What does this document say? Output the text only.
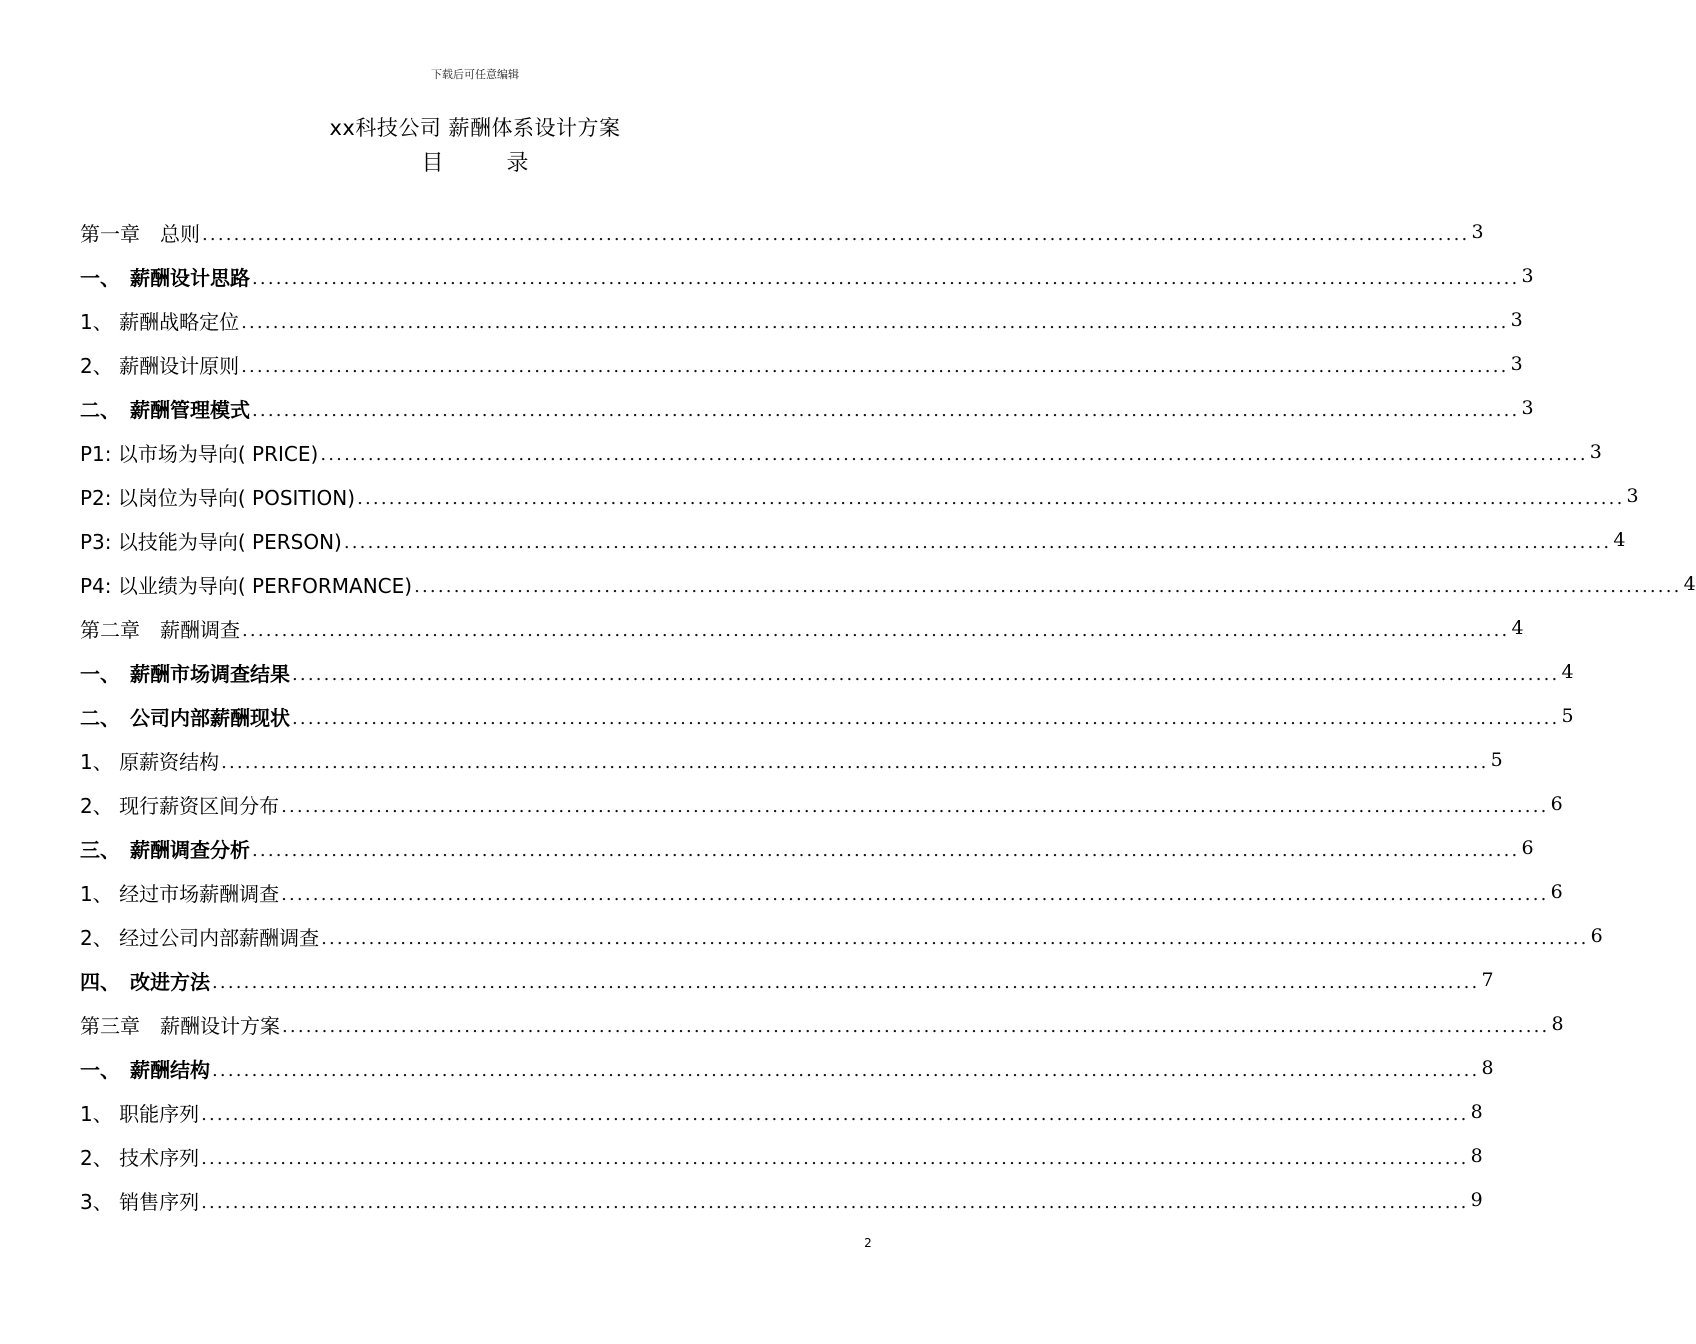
下载后可任意编辑
xx科技公司 薪酬体系设计方案
目 录
第一章　总则 ................................................................................................................................................................ 3
一、　薪酬设计思路 ................................................................................................................................................................ 3
1、 薪酬战略定位 ................................................................................................................................................................ 3
2、 薪酬设计原则 ................................................................................................................................................................ 3
二、　薪酬管理模式 ................................................................................................................................................................ 3
P1: 以市场为导向( PRICE) ................................................................................................................................................................ 3
P2: 以岗位为导向( POSITION) ................................................................................................................................................................ 3
P3: 以技能为导向( PERSON) ................................................................................................................................................................ 4
P4: 以业绩为导向( PERFORMANCE) ................................................................................................................................................................ 4
第二章　薪酬调查 ................................................................................................................................................................ 4
一、　薪酬市场调查结果 ................................................................................................................................................................ 4
二、　公司内部薪酬现状 ................................................................................................................................................................ 5
1、 原薪资结构 ................................................................................................................................................................ 5
2、 现行薪资区间分布 ................................................................................................................................................................ 6
三、　薪酬调查分析 ................................................................................................................................................................ 6
1、 经过市场薪酬调查 ................................................................................................................................................................ 6
2、 经过公司内部薪酬调查 ................................................................................................................................................................ 6
四、　改进方法 ................................................................................................................................................................ 7
第三章　薪酬设计方案 ................................................................................................................................................................ 8
一、　薪酬结构 ................................................................................................................................................................ 8
1、 职能序列 ................................................................................................................................................................ 8
2、 技术序列 ................................................................................................................................................................ 8
3、 销售序列 ................................................................................................................................................................ 9
2
